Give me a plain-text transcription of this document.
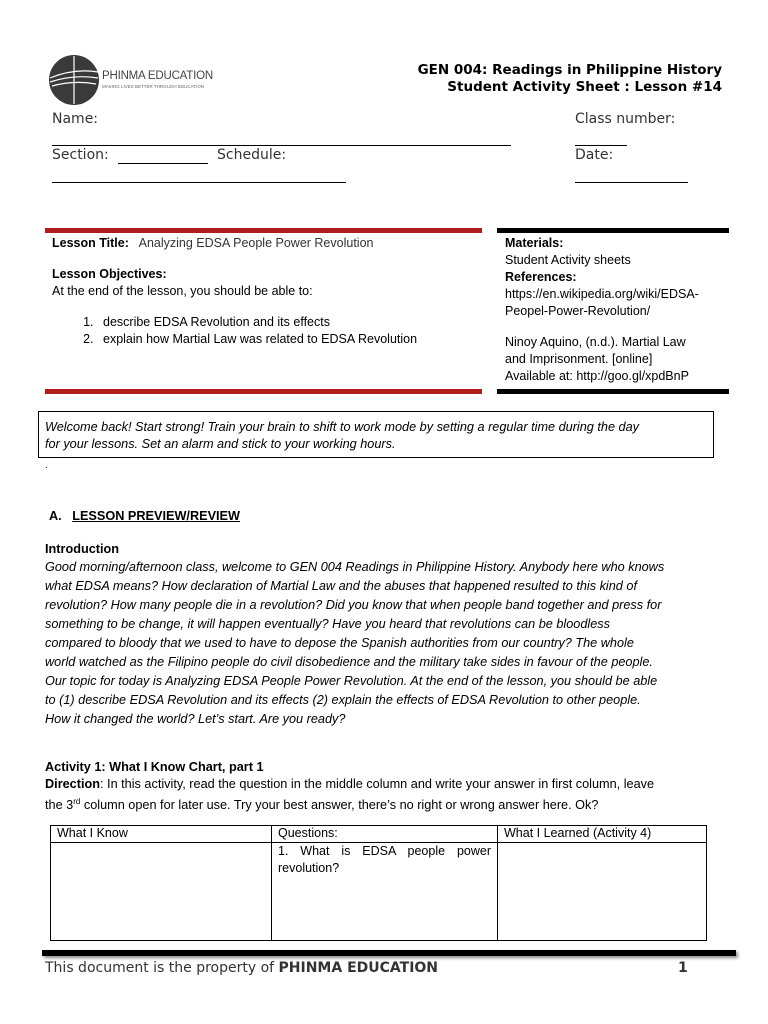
PHINMA EDUCATION
MAKING LIVES BETTER THROUGH EDUCATION
GEN 004: Readings in Philippine History
Student Activity Sheet : Lesson #14
Name:	Class number:
Section:	Schedule:	Date:
Lesson Title: Analyzing EDSA People Power Revolution
Lesson Objectives:
At the end of the lesson, you should be able to:
1. describe EDSA Revolution and its effects
2. explain how Martial Law was related to EDSA Revolution
Materials:
Student Activity sheets
References:
https://en.wikipedia.org/wiki/EDSA-
Peopel-Power-Revolution/
Ninoy Aquino, (n.d.). Martial Law
and Imprisonment. [online]
Available at: http://goo.gl/xpdBnP
Welcome back! Start strong! Train your brain to shift to work mode by setting a regular time during the day
for your lessons. Set an alarm and stick to your working hours.
.
A. LESSON PREVIEW/REVIEW
Introduction
Good morning/afternoon class, welcome to GEN 004 Readings in Philippine History. Anybody here who knows
what EDSA means? How declaration of Martial Law and the abuses that happened resulted to this kind of
revolution? How many people die in a revolution? Did you know that when people band together and press for
something to be change, it will happen eventually? Have you heard that revolutions can be bloodless
compared to bloody that we used to have to depose the Spanish authorities from our country? The whole
world watched as the Filipino people do civil disobedience and the military take sides in favour of the people.
Our topic for today is Analyzing EDSA People Power Revolution. At the end of the lesson, you should be able
to (1) describe EDSA Revolution and its effects (2) explain the effects of EDSA Revolution to other people.
How it changed the world? Let’s start. Are you ready?
Activity 1: What I Know Chart, part 1
Direction: In this activity, read the question in the middle column and write your answer in first column, leave
the 3rd column open for later use. Try your best answer, there’s no right or wrong answer here. Ok?
What I Know	Questions:	What I Learned (Activity 4)
	1. What is EDSA people power revolution?	
This document is the property of PHINMA EDUCATION	1
